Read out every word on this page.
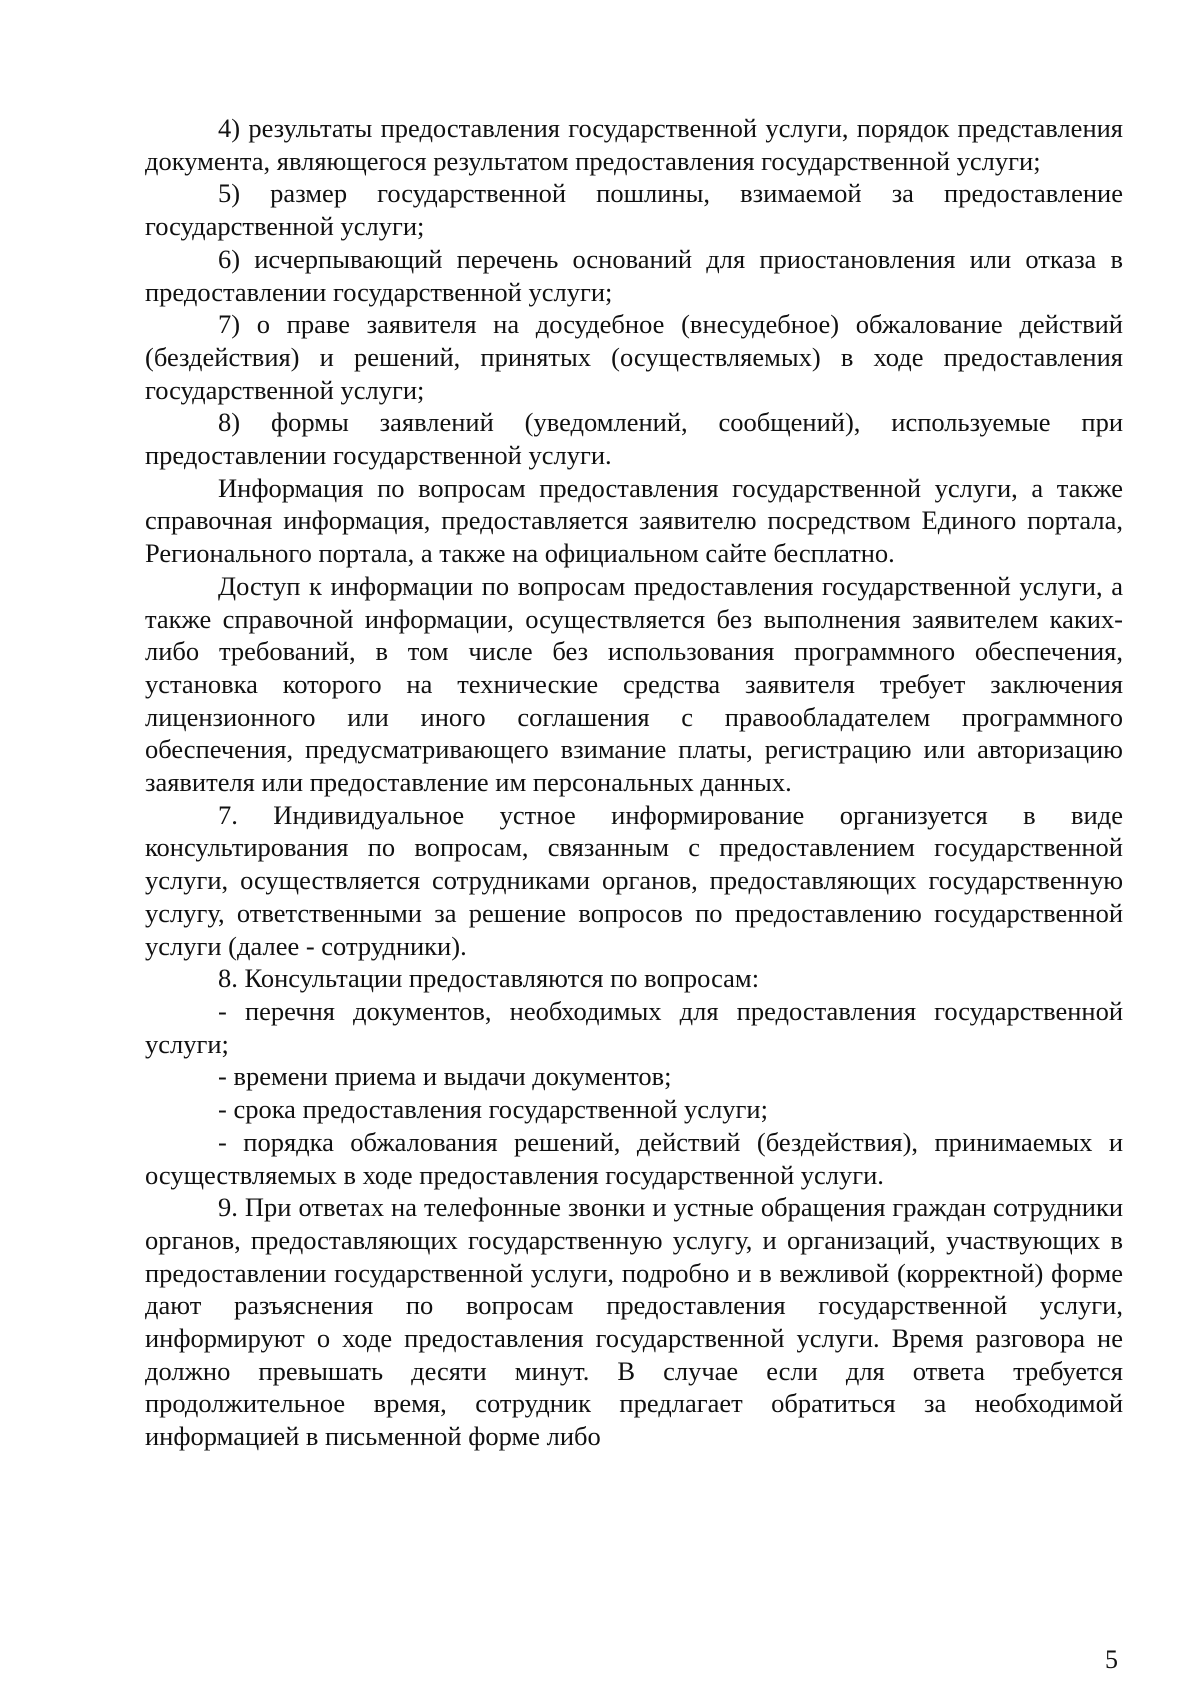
4) результаты предоставления государственной услуги, порядок представления документа, являющегося результатом предоставления государственной услуги;

5) размер государственной пошлины, взимаемой за предоставление государственной услуги;

6) исчерпывающий перечень оснований для приостановления или отказа в предоставлении государственной услуги;

7) о праве заявителя на досудебное (внесудебное) обжалование действий (бездействия) и решений, принятых (осуществляемых) в ходе предоставления государственной услуги;

8) формы заявлений (уведомлений, сообщений), используемые при предоставлении государственной услуги.

Информация по вопросам предоставления государственной услуги, а также справочная информация, предоставляется заявителю посредством Единого портала, Регионального портала, а также на официальном сайте бесплатно.

Доступ к информации по вопросам предоставления государственной услуги, а также справочной информации, осуществляется без выполнения заявителем каких-либо требований, в том числе без использования программного обеспечения, установка которого на технические средства заявителя требует заключения лицензионного или иного соглашения с правообладателем программного обеспечения, предусматривающего взимание платы, регистрацию или авторизацию заявителя или предоставление им персональных данных.

7. Индивидуальное устное информирование организуется в виде консультирования по вопросам, связанным с предоставлением государственной услуги, осуществляется сотрудниками органов, предоставляющих государственную услугу, ответственными за решение вопросов по предоставлению государственной услуги (далее - сотрудники).

8. Консультации предоставляются по вопросам:

- перечня документов, необходимых для предоставления государственной услуги;

- времени приема и выдачи документов;

- срока предоставления государственной услуги;

- порядка обжалования решений, действий (бездействия), принимаемых и осуществляемых в ходе предоставления государственной услуги.

9. При ответах на телефонные звонки и устные обращения граждан сотрудники органов, предоставляющих государственную услугу, и организаций, участвующих в предоставлении государственной услуги, подробно и в вежливой (корректной) форме дают разъяснения по вопросам предоставления государственной услуги, информируют о ходе предоставления государственной услуги. Время разговора не должно превышать десяти минут. В случае если для ответа требуется продолжительное время, сотрудник предлагает обратиться за необходимой информацией в письменной форме либо

5
